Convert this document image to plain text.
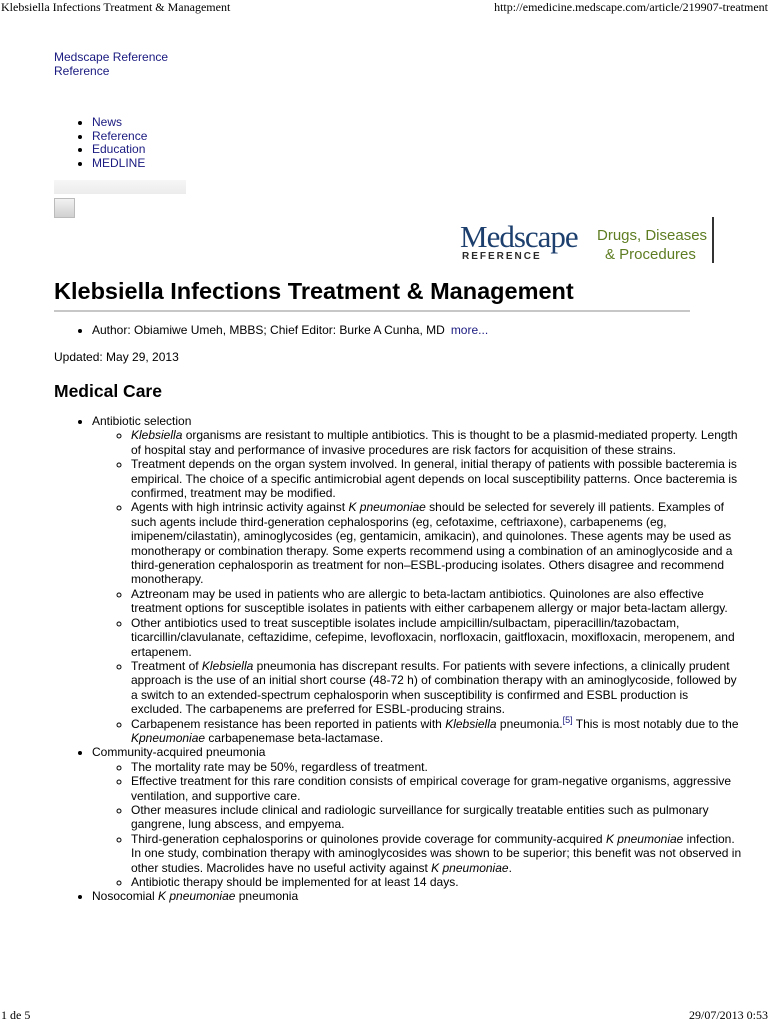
Klebsiella Infections Treatment & Management	http://emedicine.medscape.com/article/219907-treatment
Medscape Reference
Reference
• News
• Reference
• Education
• MEDLINE
Medscape
REFERENCE
Drugs, Diseases
& Procedures
Klebsiella Infections Treatment & Management
• Author: Obiamiwe Umeh, MBBS; Chief Editor: Burke A Cunha, MD more...
Updated: May 29, 2013
Medical Care
• Antibiotic selection
◦ Klebsiella organisms are resistant to multiple antibiotics. This is thought to be a plasmid-mediated property. Length of hospital stay and performance of invasive procedures are risk factors for acquisition of these strains.
◦ Treatment depends on the organ system involved. In general, initial therapy of patients with possible bacteremia is empirical. The choice of a specific antimicrobial agent depends on local susceptibility patterns. Once bacteremia is confirmed, treatment may be modified.
◦ Agents with high intrinsic activity against K pneumoniae should be selected for severely ill patients. Examples of such agents include third-generation cephalosporins (eg, cefotaxime, ceftriaxone), carbapenems (eg, imipenem/cilastatin), aminoglycosides (eg, gentamicin, amikacin), and quinolones. These agents may be used as monotherapy or combination therapy. Some experts recommend using a combination of an aminoglycoside and a third-generation cephalosporin as treatment for non–ESBL-producing isolates. Others disagree and recommend monotherapy.
◦ Aztreonam may be used in patients who are allergic to beta-lactam antibiotics. Quinolones are also effective treatment options for susceptible isolates in patients with either carbapenem allergy or major beta-lactam allergy.
◦ Other antibiotics used to treat susceptible isolates include ampicillin/sulbactam, piperacillin/tazobactam, ticarcillin/clavulanate, ceftazidime, cefepime, levofloxacin, norfloxacin, gaitfloxacin, moxifloxacin, meropenem, and ertapenem.
◦ Treatment of Klebsiella pneumonia has discrepant results. For patients with severe infections, a clinically prudent approach is the use of an initial short course (48-72 h) of combination therapy with an aminoglycoside, followed by a switch to an extended-spectrum cephalosporin when susceptibility is confirmed and ESBL production is excluded. The carbapenems are preferred for ESBL-producing strains.
◦ Carbapenem resistance has been reported in patients with Klebsiella pneumonia.[5] This is most notably due to the Kpneumoniae carbapenemase beta-lactamase.
• Community-acquired pneumonia
◦ The mortality rate may be 50%, regardless of treatment.
◦ Effective treatment for this rare condition consists of empirical coverage for gram-negative organisms, aggressive ventilation, and supportive care.
◦ Other measures include clinical and radiologic surveillance for surgically treatable entities such as pulmonary gangrene, lung abscess, and empyema.
◦ Third-generation cephalosporins or quinolones provide coverage for community-acquired K pneumoniae infection. In one study, combination therapy with aminoglycosides was shown to be superior; this benefit was not observed in other studies. Macrolides have no useful activity against K pneumoniae.
◦ Antibiotic therapy should be implemented for at least 14 days.
• Nosocomial K pneumoniae pneumonia
1 de 5	29/07/2013 0:53
